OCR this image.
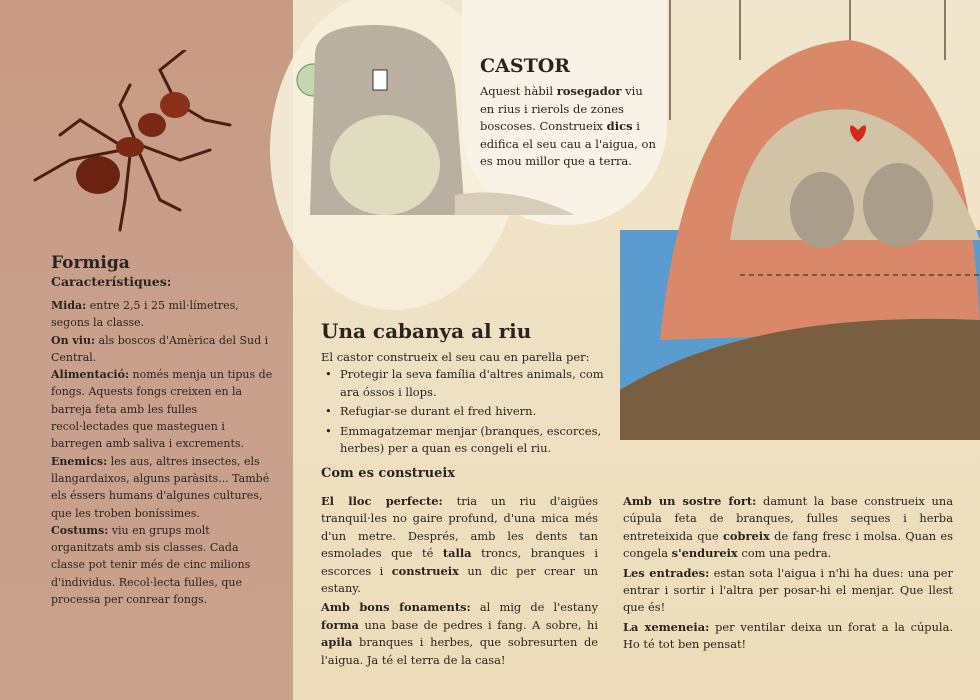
Formiga
Característiques:

Mida: entre 2,5 i 25 mil·límetres, segons la classe.

On viu: als boscos d'Amèrica del Sud i Central.

Alimentació: només menja un tipus de fongs. Aquests fongs creixen en la barreja feta amb les fulles recol·lectades que masteguen i barregen amb saliva i excrements.

Enemics: les aus, altres insectes, els llangardaixos, alguns paràsits... També els éssers humans d'algunes cultures, que les troben boníssimes.

Costums: viu en grups molt organitzats amb sis classes. Cada classe pot tenir més de cinc milions d'individus. Recol·lecta fulles, que processa per conrear fongs.

CASTOR

Aquest hàbil rosegador viu en rius i rierols de zones boscoses. Construeix dics i edifica el seu cau a l'aigua, on es mou millor que a terra.

Una cabanya al riu

El castor construeix el seu cau en parella per:

• Protegir la seva família d'altres animals, com ara óssos i llops.
• Refugiar-se durant el fred hivern.
• Emmagatzemar menjar (branques, escorces, herbes) per a quan es congeli el riu.
Com es construeix

El lloc perfecte: tria un riu d'aigües tranquil·les no gaire profund, d'una mica més d'un metre. Després, amb les dents tan esmolades que té talla troncs, branques i escorces i construeix un dic per crear un estany.

Amb bons fonaments: al mig de l'estany forma una base de pedres i fang. A sobre, hi apila branques i herbes, que sobresurten de l'aigua. Ja té el terra de la casa!

Amb un sostre fort: damunt la base construeix una cúpula feta de branques, fulles seques i herba entreteixida que cobreix de fang fresc i molsa. Quan es congela s'endureix com una pedra.

Les entrades: estan sota l'aigua i n'hi ha dues: una per entrar i sortir i l'altra per posar-hi el menjar. Que llest que és!

La xemeneia: per ventilar deixa un forat a la cúpula. Ho té tot ben pensat!
